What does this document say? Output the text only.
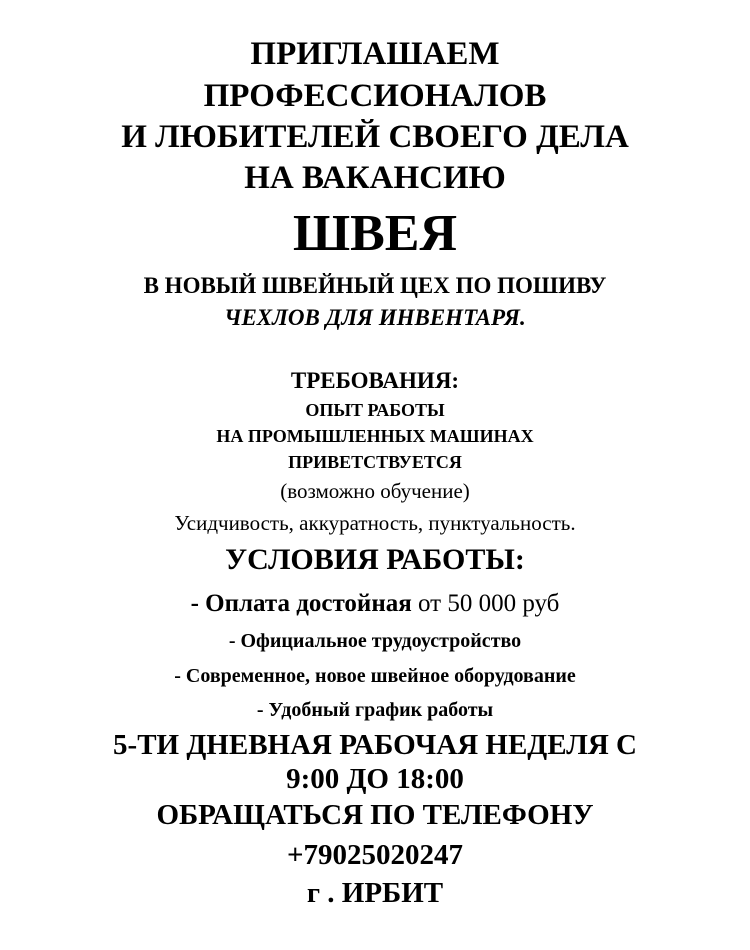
ПРИГЛАШАЕМ
ПРОФЕССИОНАЛОВ
И ЛЮБИТЕЛЕЙ СВОЕГО ДЕЛА
НА ВАКАНСИЮ
ШВЕЯ
В НОВЫЙ ШВЕЙНЫЙ ЦЕХ ПО ПОШИВУ
ЧЕХЛОВ ДЛЯ ИНВЕНТАРЯ.
ТРЕБОВАНИЯ:
ОПЫТ РАБОТЫ
НА ПРОМЫШЛЕННЫХ МАШИНАХ
ПРИВЕТСТВУЕТСЯ
(возможно обучение)
Усидчивость, аккуратность, пунктуальность.
УСЛОВИЯ РАБОТЫ:
- Оплата достойная от 50 000 руб
- Официальное трудоустройство
- Современное, новое швейное оборудование
- Удобный график работы
5-ТИ ДНЕВНАЯ РАБОЧАЯ НЕДЕЛЯ С
9:00 ДО 18:00
ОБРАЩАТЬСЯ ПО ТЕЛЕФОНУ
+79025020247
г . ИРБИТ
